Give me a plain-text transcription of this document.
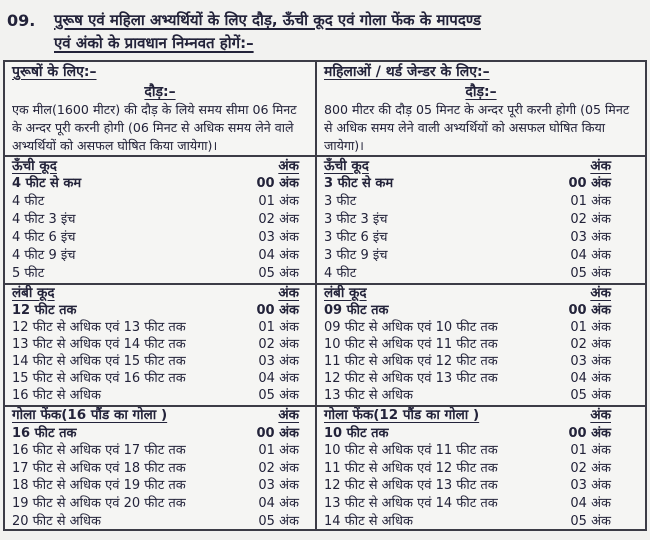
09.	पुरूष एवं महिला अभ्यर्थियों के लिए दौड़, ऊँची कूद एवं गोला फेंक के मापदण्ड
एवं अंको के प्रावधान निम्नवत होगें:–
पुरूषों के लिए:–
दौड़:–
एक मील(1600 मीटर) की दौड़ के लिये समय सीमा 06 मिनट के अन्दर पूरी करनी होगी (06 मिनट से अधिक समय लेने वाले अभ्यर्थियों को असफल घोषित किया जायेगा)।
ऊँची कूद	अंक
4 फीट से कम	00 अंक
4 फीट	01 अंक
4 फीट 3 इंच	02 अंक
4 फीट 6 इंच	03 अंक
4 फीट 9 इंच	04 अंक
5 फीट	05 अंक
लंबी कूद	अंक
12 फीट तक	00 अंक
12 फीट से अधिक एवं 13 फीट तक	01 अंक
13 फीट से अधिक एवं 14 फीट तक	02 अंक
14 फीट से अधिक एवं 15 फीट तक	03 अंक
15 फीट से अधिक एवं 16 फीट तक	04 अंक
16 फीट से अधिक	05 अंक
गोला फेंक(16 पौंड का गोला )	अंक
16 फीट तक	00 अंक
16 फीट से अधिक एवं 17 फीट तक	01 अंक
17 फीट से अधिक एवं 18 फीट तक	02 अंक
18 फीट से अधिक एवं 19 फीट तक	03 अंक
19 फीट से अधिक एवं 20 फीट तक	04 अंक
20 फीट से अधिक	05 अंक
महिलाओं / थर्ड जेन्डर के लिए:–
दौड़:–
800 मीटर की दौड़ 05 मिनट के अन्दर पूरी करनी होगी (05 मिनट से अधिक समय लेने वाली अभ्यर्थियों को असफल घोषित किया जायेगा)।
ऊँची कूद	अंक
3 फीट से कम	00 अंक
3 फीट	01 अंक
3 फीट 3 इंच	02 अंक
3 फीट 6 इंच	03 अंक
3 फीट 9 इंच	04 अंक
4 फीट	05 अंक
लंबी कूद	अंक
09 फीट तक	00 अंक
09 फीट से अधिक एवं 10 फीट तक	01 अंक
10 फीट से अधिक एवं 11 फीट तक	02 अंक
11 फीट से अधिक एवं 12 फीट तक	03 अंक
12 फीट से अधिक एवं 13 फीट तक	04 अंक
13 फीट से अधिक	05 अंक
गोला फेंक(12 पौंड का गोला )	अंक
10 फीट तक	00 अंक
10 फीट से अधिक एवं 11 फीट तक	01 अंक
11 फीट से अधिक एवं 12 फीट तक	02 अंक
12 फीट से अधिक एवं 13 फीट तक	03 अंक
13 फीट से अधिक एवं 14 फीट तक	04 अंक
14 फीट से अधिक	05 अंक
